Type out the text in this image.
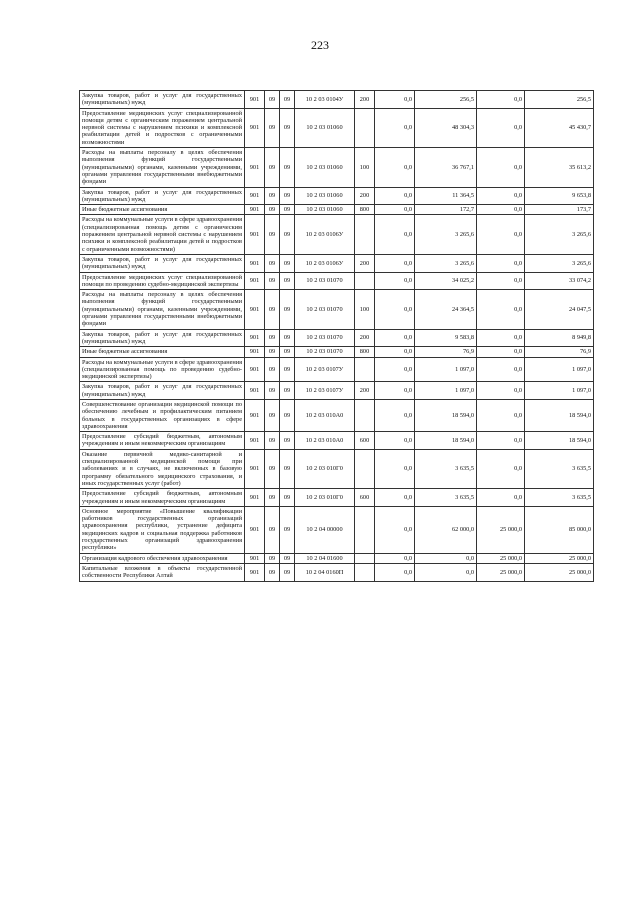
223
Закупка товаров, работ и услуг для государственных (муниципальных) нужд	901	09	09	10 2 03 0104У	200	0,0	256,5	0,0	256,5
Предоставление медицинских услуг специализированной помощи детям с органическим поражением центральной нервной системы с нарушением психики и комплексной реабилитации детей и подростков с ограниченными возможностями	901	09	09	10 2 03 01060		0,0	48 304,3	0,0	45 430,7
Расходы на выплаты персоналу в целях обеспечения выполнения функций государственными (муниципальными) органами, казенными учреждениями, органами управления государственными внебюджетными фондами	901	09	09	10 2 03 01060	100	0,0	36 767,1	0,0	35 613,2
Закупка товаров, работ и услуг для государственных (муниципальных) нужд	901	09	09	10 2 03 01060	200	0,0	11 364,5	0,0	9 653,8
Иные бюджетные ассигнования	901	09	09	10 2 03 01060	800	0,0	172,7	0,0	173,7
Расходы на коммунальные услуги в сфере здравоохранения (специализированная помощь детям с органическим поражением центральной нервной системы с нарушением психики и комплексной реабилитации детей и подростков с ограниченными возможностями)	901	09	09	10 2 03 0106У		0,0	3 265,6	0,0	3 265,6
Закупка товаров, работ и услуг для государственных (муниципальных) нужд	901	09	09	10 2 03 0106У	200	0,0	3 265,6	0,0	3 265,6
Предоставление медицинских услуг специализированной помощи по проведению судебно-медицинской экспертизы	901	09	09	10 2 03 01070		0,0	34 025,2	0,0	33 074,2
Расходы на выплаты персоналу в целях обеспечения выполнения функций государственными (муниципальными) органами, казенными учреждениями, органами управления государственными внебюджетными фондами	901	09	09	10 2 03 01070	100	0,0	24 364,5	0,0	24 047,5
Закупка товаров, работ и услуг для государственных (муниципальных) нужд	901	09	09	10 2 03 01070	200	0,0	9 583,8	0,0	8 949,8
Иные бюджетные ассигнования	901	09	09	10 2 03 01070	800	0,0	76,9	0,0	76,9
Расходы на коммунальные услуги в сфере здравоохранения (специализированная помощь по проведению судебно-медицинской экспертизы)	901	09	09	10 2 03 0107У		0,0	1 097,0	0,0	1 097,0
Закупка товаров, работ и услуг для государственных (муниципальных) нужд	901	09	09	10 2 03 0107У	200	0,0	1 097,0	0,0	1 097,0
Совершенствование организации медицинской помощи по обеспечению лечебным и профилактическим питанием больных в государственных организациях в сфере здравоохранения	901	09	09	10 2 03 010А0		0,0	18 594,0	0,0	18 594,0
Предоставление субсидий бюджетным, автономным учреждениям и иным некоммерческим организациям	901	09	09	10 2 03 010А0	600	0,0	18 594,0	0,0	18 594,0
Оказание первичной медико-санитарной и специализированной медицинской помощи при заболеваниях и в случаях, не включенных в базовую программу обязательного медицинского страхования, и иных государственных услуг (работ)	901	09	09	10 2 03 010Г0		0,0	3 635,5	0,0	3 635,5
Предоставление субсидий бюджетным, автономным учреждениям и иным некоммерческим организациям	901	09	09	10 2 03 010Г0	600	0,0	3 635,5	0,0	3 635,5
Основное мероприятие «Повышение квалификации работников государственных организаций здравоохранения республики, устранение дефицита медицинских кадров и социальная поддержка работников государственных организаций здравоохранения республики»	901	09	09	10 2 04 00000		0,0	62 000,0	25 000,0	85 000,0
Организация кадрового обеспечения здравоохранения	901	09	09	10 2 04 01600		0,0	0,0	25 000,0	25 000,0
Капитальные вложения в объекты государственной собственности Республики Алтай	901	09	09	10 2 04 0160П		0,0	0,0	25 000,0	25 000,0
